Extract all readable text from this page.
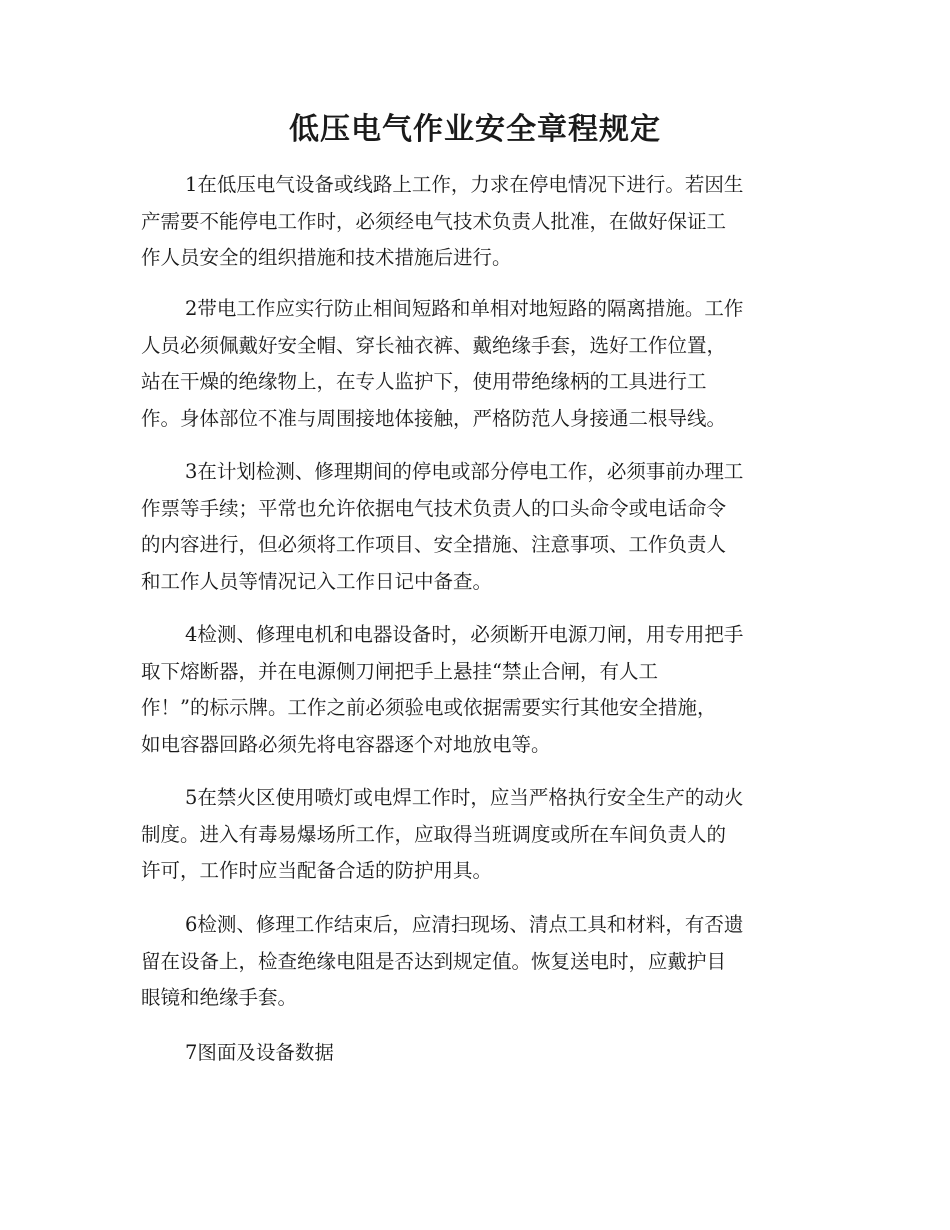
低压电气作业安全章程规定

1在低压电气设备或线路上工作，力求在停电情况下进行。若因生
产需要不能停电工作时，必须经电气技术负责人批准，在做好保证工
作人员安全的组织措施和技术措施后进行。

2带电工作应实行防止相间短路和单相对地短路的隔离措施。工作
人员必须佩戴好安全帽、穿长袖衣裤、戴绝缘手套，选好工作位置，
站在干燥的绝缘物上，在专人监护下，使用带绝缘柄的工具进行工
作。身体部位不准与周围接地体接触，严格防范人身接通二根导线。

3在计划检测、修理期间的停电或部分停电工作，必须事前办理工
作票等手续；平常也允许依据电气技术负责人的口头命令或电话命令
的内容进行，但必须将工作项目、安全措施、注意事项、工作负责人
和工作人员等情况记入工作日记中备查。

4检测、修理电机和电器设备时，必须断开电源刀闸，用专用把手
取下熔断器，并在电源侧刀闸把手上悬挂“禁止合闸，有人工
作！”的标示牌。工作之前必须验电或依据需要实行其他安全措施，
如电容器回路必须先将电容器逐个对地放电等。

5在禁火区使用喷灯或电焊工作时，应当严格执行安全生产的动火
制度。进入有毒易爆场所工作，应取得当班调度或所在车间负责人的
许可，工作时应当配备合适的防护用具。

6检测、修理工作结束后，应清扫现场、清点工具和材料，有否遗
留在设备上，检查绝缘电阻是否达到规定值。恢复送电时，应戴护目
眼镜和绝缘手套。

7图面及设备数据
